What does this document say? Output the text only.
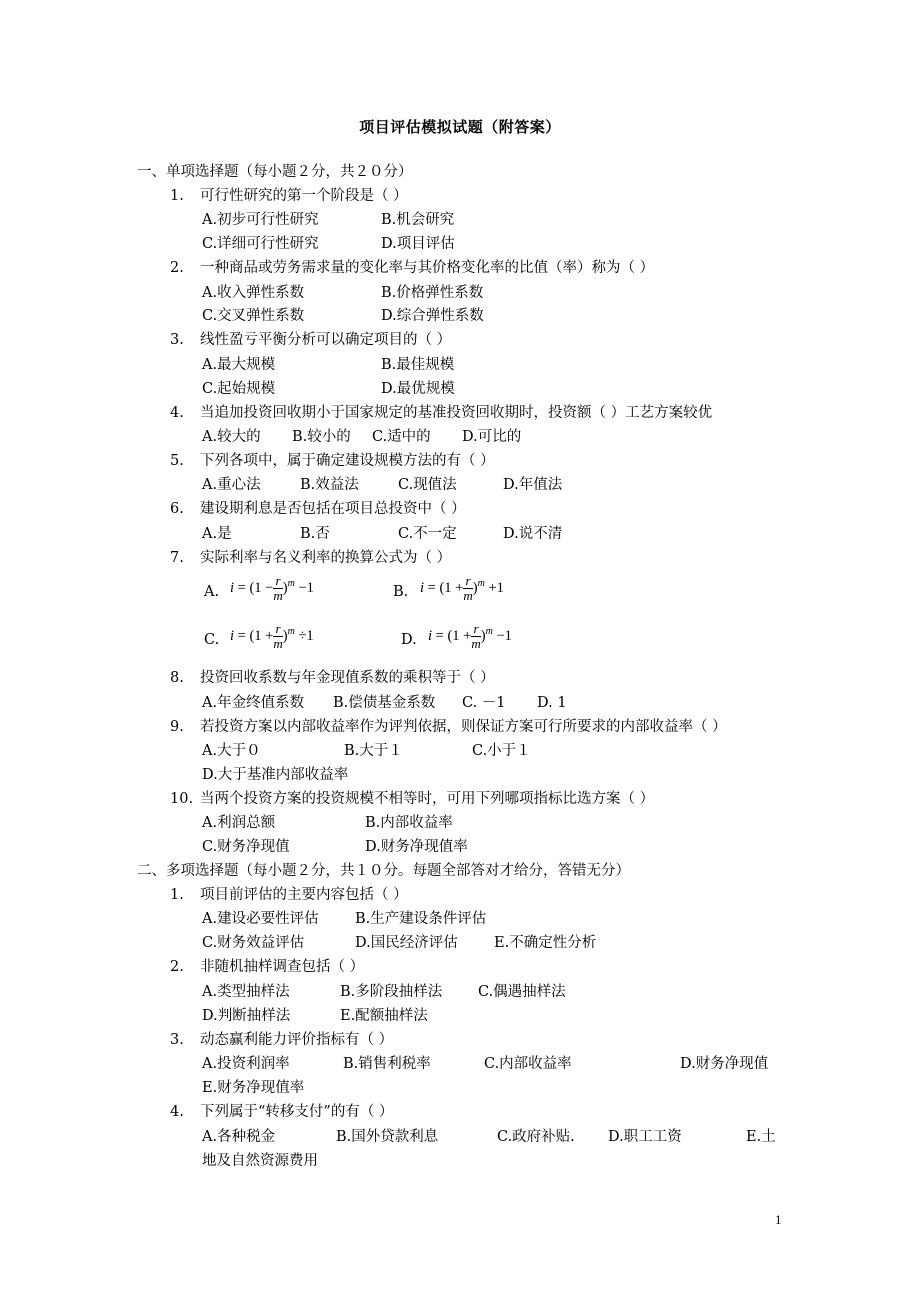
项目评估模拟试题（附答案）
一、单项选择题（每小题２分，共２０分）
1. 可行性研究的第一个阶段是（ ）
A.初步可行性研究	B.机会研究
C.详细可行性研究	D.项目评估
2. 一种商品或劳务需求量的变化率与其价格变化率的比值（率）称为（ ）
A.收入弹性系数	B.价格弹性系数
C.交叉弹性系数	D.综合弹性系数
3. 线性盈亏平衡分析可以确定项目的（ ）
A.最大规模	B.最佳规模
C.起始规模	D.最优规模
4. 当追加投资回收期小于国家规定的基准投资回收期时，投资额（ ）工艺方案较优
A.较大的 B.较小的 C.适中的 D.可比的
5. 下列各项中，属于确定建设规模方法的有（ ）
A.重心法	B.效益法	C.现值法	D.年值法
6. 建设期利息是否包括在项目总投资中（ ）
A.是	B.否	C.不一定	D.说不清
7. 实际利率与名义利率的换算公式为（ ）
A. $i = (1 - \frac{r}{m} )^m -1$	B. $i = (1 + \frac{r}{m} )^m +1$
C. $i = (1 + \frac{r}{m} )^m \div 1$	D. $i = (1 + \frac{r}{m} )^m -1$
8. 投资回收系数与年金现值系数的乘积等于（ ）
A.年金终值系数 B.偿债基金系数 C. －1 D. 1
9. 若投资方案以内部收益率作为评判依据，则保证方案可行所要求的内部收益率（ ）
A.大于０	B.大于１	C.小于１
D.大于基准内部收益率
10. 当两个投资方案的投资规模不相等时，可用下列哪项指标比选方案（ ）
A.利润总额	B.内部收益率
C.财务净现值	D.财务净现值率
二、多项选择题（每小题２分，共１０分。每题全部答对才给分，答错无分）
1. 项目前评估的主要内容包括（ ）
A.建设必要性评估	B.生产建设条件评估
C.财务效益评估	D.国民经济评估	E.不确定性分析
2. 非随机抽样调查包括（ ）
A.类型抽样法	B.多阶段抽样法 C.偶遇抽样法
D.判断抽样法	E.配额抽样法
3. 动态赢利能力评价指标有（ ）
A.投资利润率	B.销售利税率	C.内部收益率	D.财务净现值
E.财务净现值率
4. 下列属于“转移支付”的有（ ）
A.各种税金	B.国外贷款利息	C.政府补贴. D.职工工资	E.土
地及自然资源费用
1
